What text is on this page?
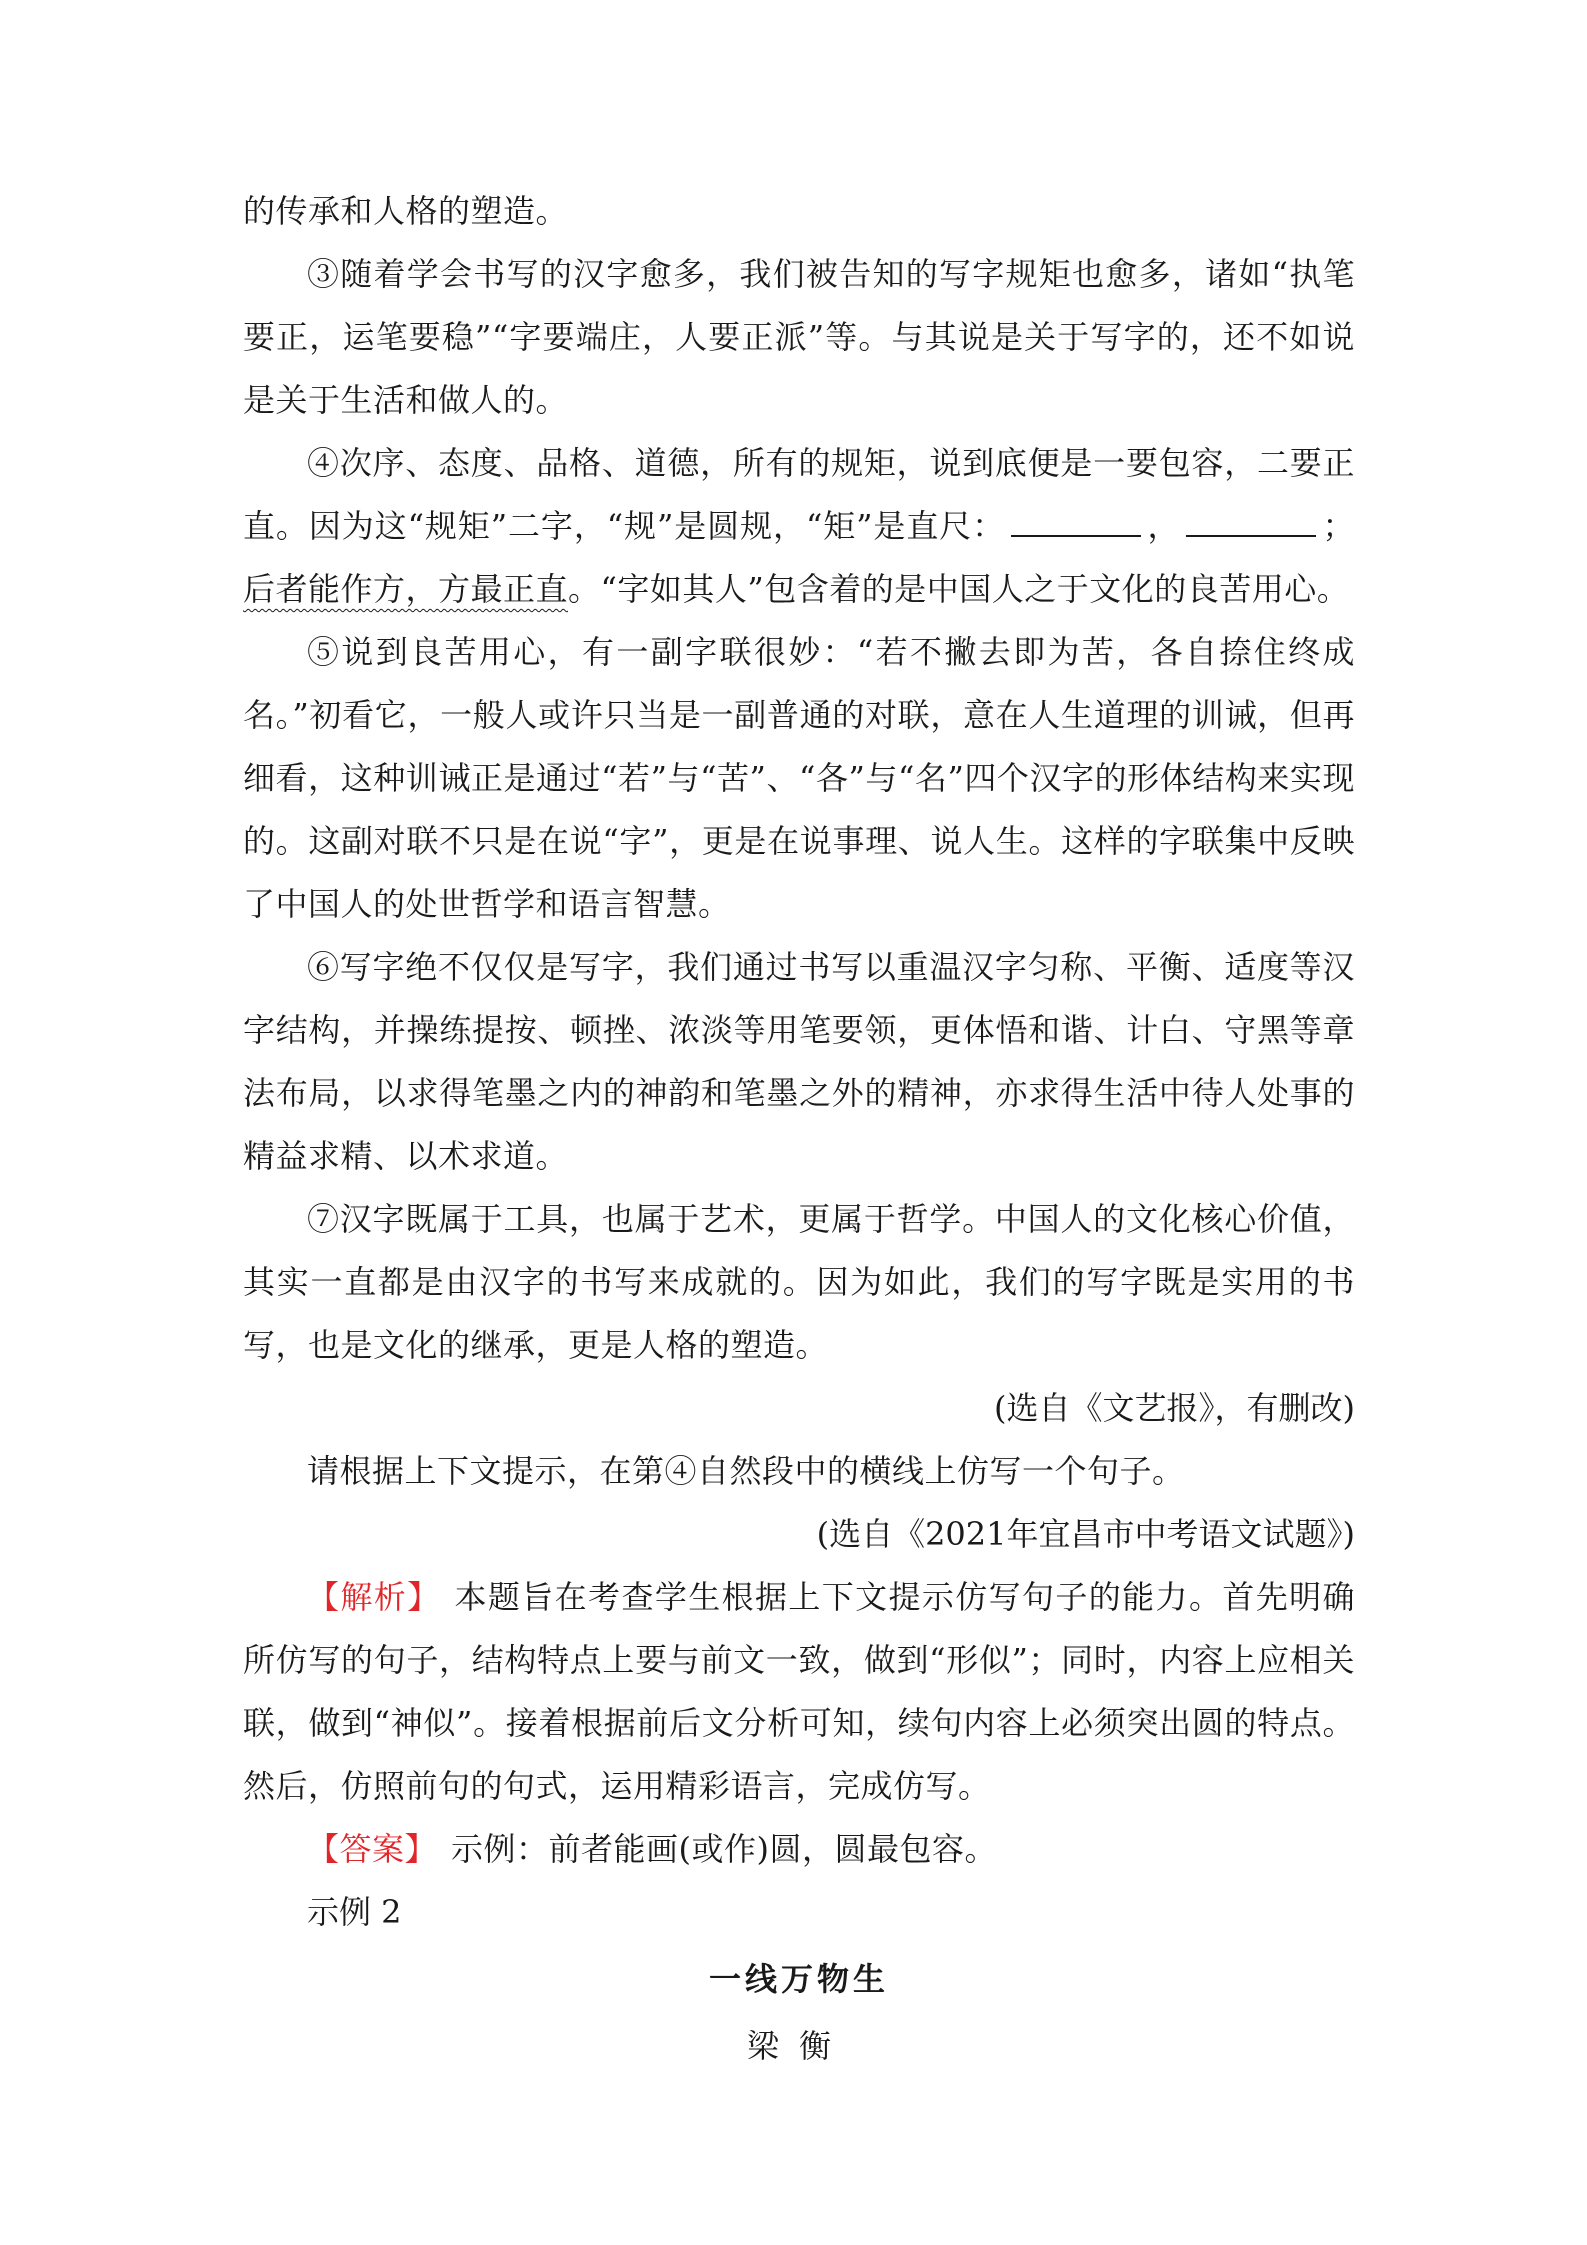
的传承和人格的塑造。

③随着学会书写的汉字愈多，我们被告知的写字规矩也愈多，诸如“执笔要正，运笔要稳”“字要端庄，人要正派”等。与其说是关于写字的，还不如说是关于生活和做人的。

④次序、态度、品格、道德，所有的规矩，说到底便是一要包容，二要正直。因为这“规矩”二字，“规”是圆规，“矩”是直尺：	，	；后者能作方，方最正直。“字如其人”包含着的是中国人之于文化的良苦用心。

⑤说到良苦用心，有一副字联很妙：“若不撇去即为苦，各自捺住终成名。”初看它，一般人或许只当是一副普通的对联，意在人生道理的训诫，但再细看，这种训诫正是通过“若”与“苦”、“各”与“名”四个汉字的形体结构来实现的。这副对联不只是在说“字”，更是在说事理、说人生。这样的字联集中反映了中国人的处世哲学和语言智慧。

⑥写字绝不仅仅是写字，我们通过书写以重温汉字匀称、平衡、适度等汉字结构，并操练提按、顿挫、浓淡等用笔要领，更体悟和谐、计白、守黑等章法布局，以求得笔墨之内的神韵和笔墨之外的精神，亦求得生活中待人处事的精益求精、以术求道。

⑦汉字既属于工具，也属于艺术，更属于哲学。中国人的文化核心价值，其实一直都是由汉字的书写来成就的。因为如此，我们的写字既是实用的书写，也是文化的继承，更是人格的塑造。

(选自《文艺报》，有删改)

请根据上下文提示，在第④自然段中的横线上仿写一个句子。

(选自《2021年宜昌市中考语文试题》)

【解析】 本题旨在考查学生根据上下文提示仿写句子的能力。首先明确所仿写的句子，结构特点上要与前文一致，做到“形似”；同时，内容上应相关联，做到“神似”。接着根据前后文分析可知，续句内容上必须突出圆的特点。然后，仿照前句的句式，运用精彩语言，完成仿写。

【答案】 示例：前者能画(或作)圆，圆最包容。

示例 2

一线万物生

梁衡
